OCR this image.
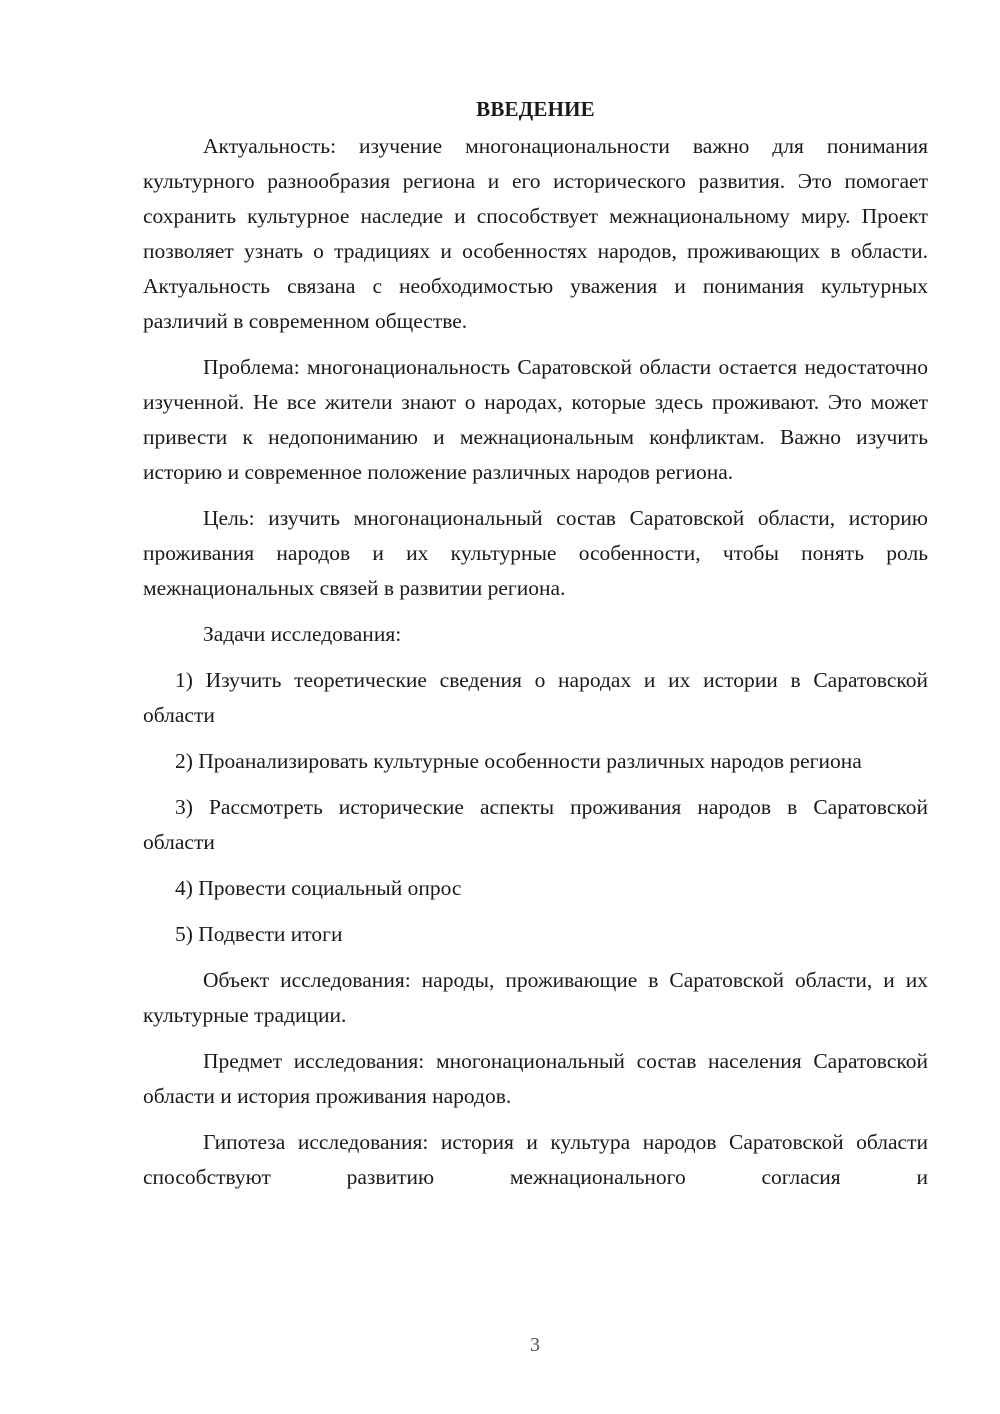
ВВЕДЕНИЕ

Актуальность: изучение многонациональности важно для понимания культурного разнообразия региона и его исторического развития. Это помогает сохранить культурное наследие и способствует межнациональному миру. Проект позволяет узнать о традициях и особенностях народов, проживающих в области. Актуальность связана с необходимостью уважения и понимания культурных различий в современном обществе.

Проблема: многонациональность Саратовской области остается недостаточно изученной. Не все жители знают о народах, которые здесь проживают. Это может привести к недопониманию и межнациональным конфликтам. Важно изучить историю и современное положение различных народов региона.

Цель: изучить многонациональный состав Саратовской области, историю проживания народов и их культурные особенности, чтобы понять роль межнациональных связей в развитии региона.

Задачи исследования:

1) Изучить теоретические сведения о народах и их истории в Саратовской области

2) Проанализировать культурные особенности различных народов региона

3) Рассмотреть исторические аспекты проживания народов в Саратовской области

4) Провести социальный опрос

5) Подвести итоги

Объект исследования: народы, проживающие в Саратовской области, и их культурные традиции.

Предмет исследования: многонациональный состав населения Саратовской области и история проживания народов.

Гипотеза исследования: история и культура народов Саратовской области способствуют развитию межнационального согласия и

3
